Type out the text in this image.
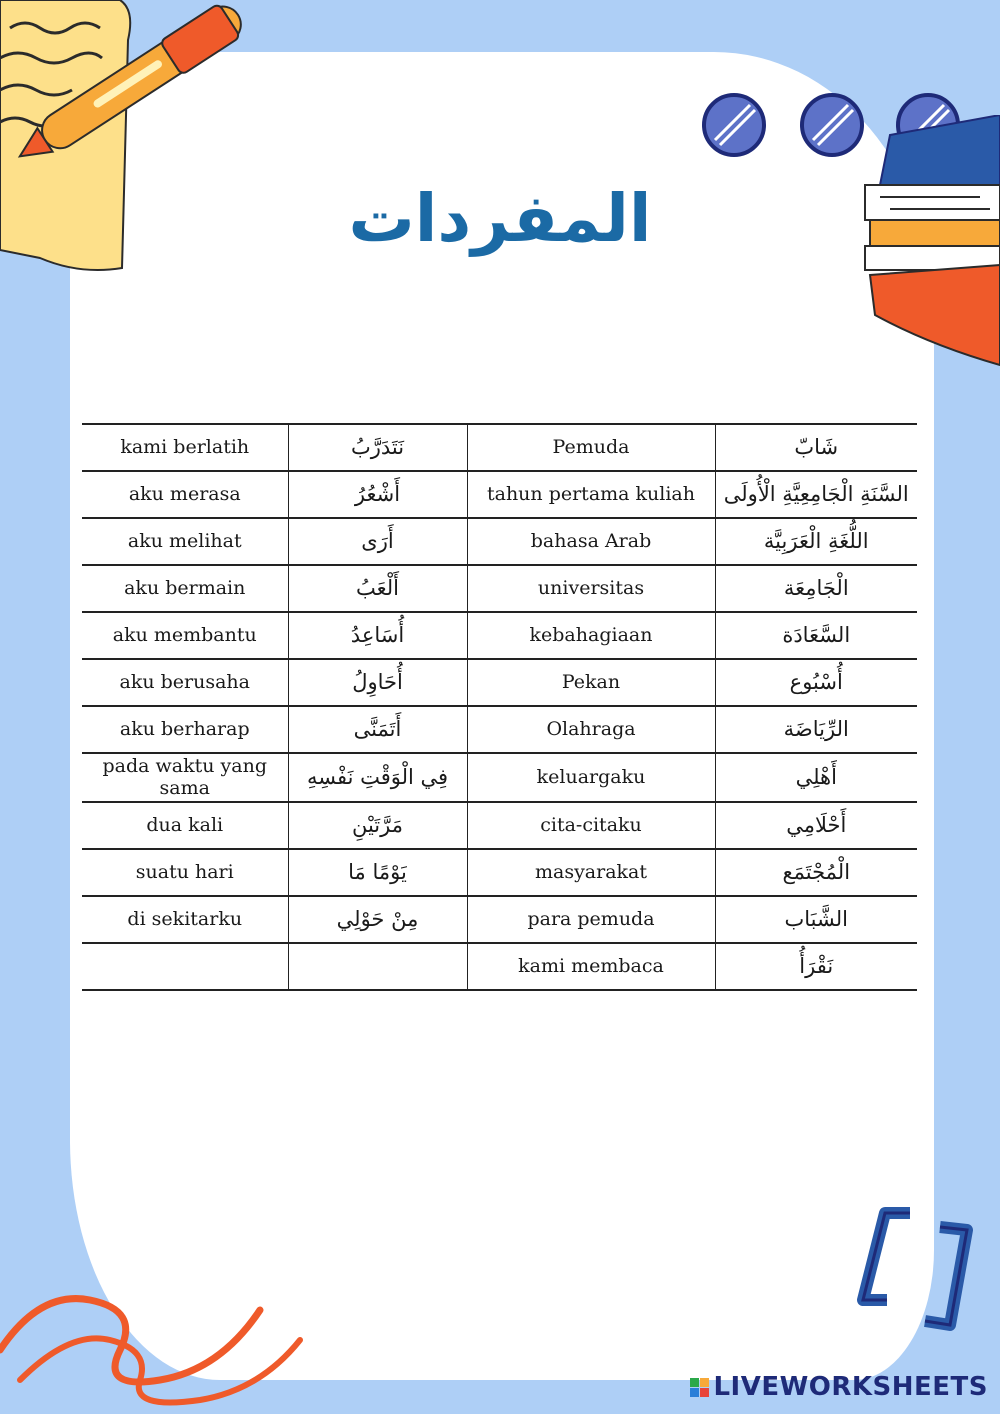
المفردات
kami berlatih	نَتَدَرَّبُ	Pemuda	شَابّ
aku merasa	أَشْعُرُ	tahun pertama kuliah	السَّنَةِ الْجَامِعِيَّةِ الْأُولَى
aku melihat	أَرَى	bahasa Arab	اللُّغَةِ الْعَرَبِيَّة
aku bermain	أَلْعَبُ	universitas	الْجَامِعَة
aku membantu	أُسَاعِدُ	kebahagiaan	السَّعَادَة
aku berusaha	أُحَاوِلُ	Pekan	أُسْبُوع
aku berharap	أَتَمَنَّى	Olahraga	الرِّيَاضَة
pada waktu yang sama	فِي الْوَقْتِ نَفْسِهِ	keluargaku	أَهْلِي
dua kali	مَرَّتَيْنِ	cita-citaku	أَحْلَامِي
suatu hari	يَوْمًا مَا	masyarakat	الْمُجْتَمَع
di sekitarku	مِنْ حَوْلِي	para pemuda	الشَّبَاب
		kami membaca	نَقْرَأُ
LIVEWORKSHEETS
